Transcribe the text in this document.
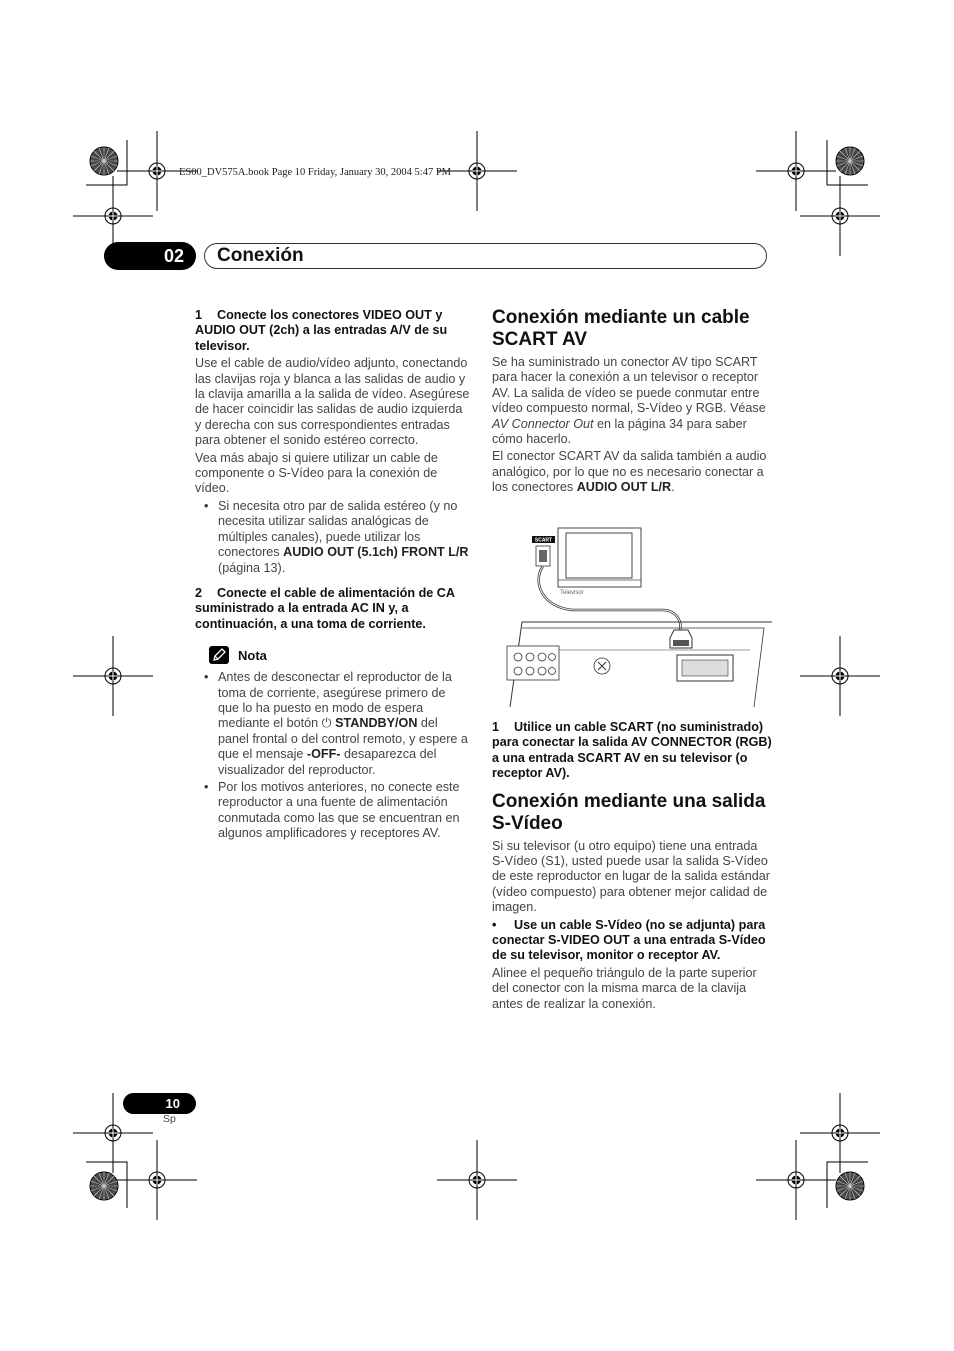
ES00_DV575A.book Page 10 Friday, January 30, 2004 5:47 PM
02	Conexión

1 Conecte los conectores VIDEO OUT y AUDIO OUT (2ch) a las entradas A/V de su televisor.

Use el cable de audio/vídeo adjunto, conectando las clavijas roja y blanca a las salidas de audio y la clavija amarilla a la salida de vídeo. Asegúrese de hacer coincidir las salidas de audio izquierda y derecha con sus correspondientes entradas para obtener el sonido estéreo correcto.

Vea más abajo si quiere utilizar un cable de componente o S-Vídeo para la conexión de vídeo.

• Si necesita otro par de salida estéreo (y no necesita utilizar salidas analógicas de múltiples canales), puede utilizar los conectores AUDIO OUT (5.1ch) FRONT L/R (página 13).

2 Conecte el cable de alimentación de CA suministrado a la entrada AC IN y, a continuación, a una toma de corriente.

Nota

• Antes de desconectar el reproductor de la toma de corriente, asegúrese primero de que lo ha puesto en modo de espera mediante el botón ⏻ STANDBY/ON del panel frontal o del control remoto, y espere a que el mensaje -OFF- desaparezca del visualizador del reproductor.

• Por los motivos anteriores, no conecte este reproductor a una fuente de alimentación conmutada como las que se encuentran en algunos amplificadores y receptores AV.

Conexión mediante un cable SCART AV

Se ha suministrado un conector AV tipo SCART para hacer la conexión a un televisor o receptor AV. La salida de vídeo se puede conmutar entre vídeo compuesto normal, S-Vídeo y RGB. Véase AV Connector Out en la página 34 para saber cómo hacerlo.

El conector SCART AV da salida también a audio analógico, por lo que no es necesario conectar a los conectores AUDIO OUT L/R.

SCART
Televisor

1 Utilice un cable SCART (no suministrado) para conectar la salida AV CONNECTOR (RGB) a una entrada SCART AV en su televisor (o receptor AV).

Conexión mediante una salida S-Vídeo

Si su televisor (u otro equipo) tiene una entrada S-Vídeo (S1), usted puede usar la salida S-Vídeo de este reproductor en lugar de la salida estándar (vídeo compuesto) para obtener mejor calidad de imagen.

• Use un cable S-Vídeo (no se adjunta) para conectar S-VIDEO OUT a una entrada S-Vídeo de su televisor, monitor o receptor AV.

Alinee el pequeño triángulo de la parte superior del conector con la misma marca de la clavija antes de realizar la conexión.

10
Sp
